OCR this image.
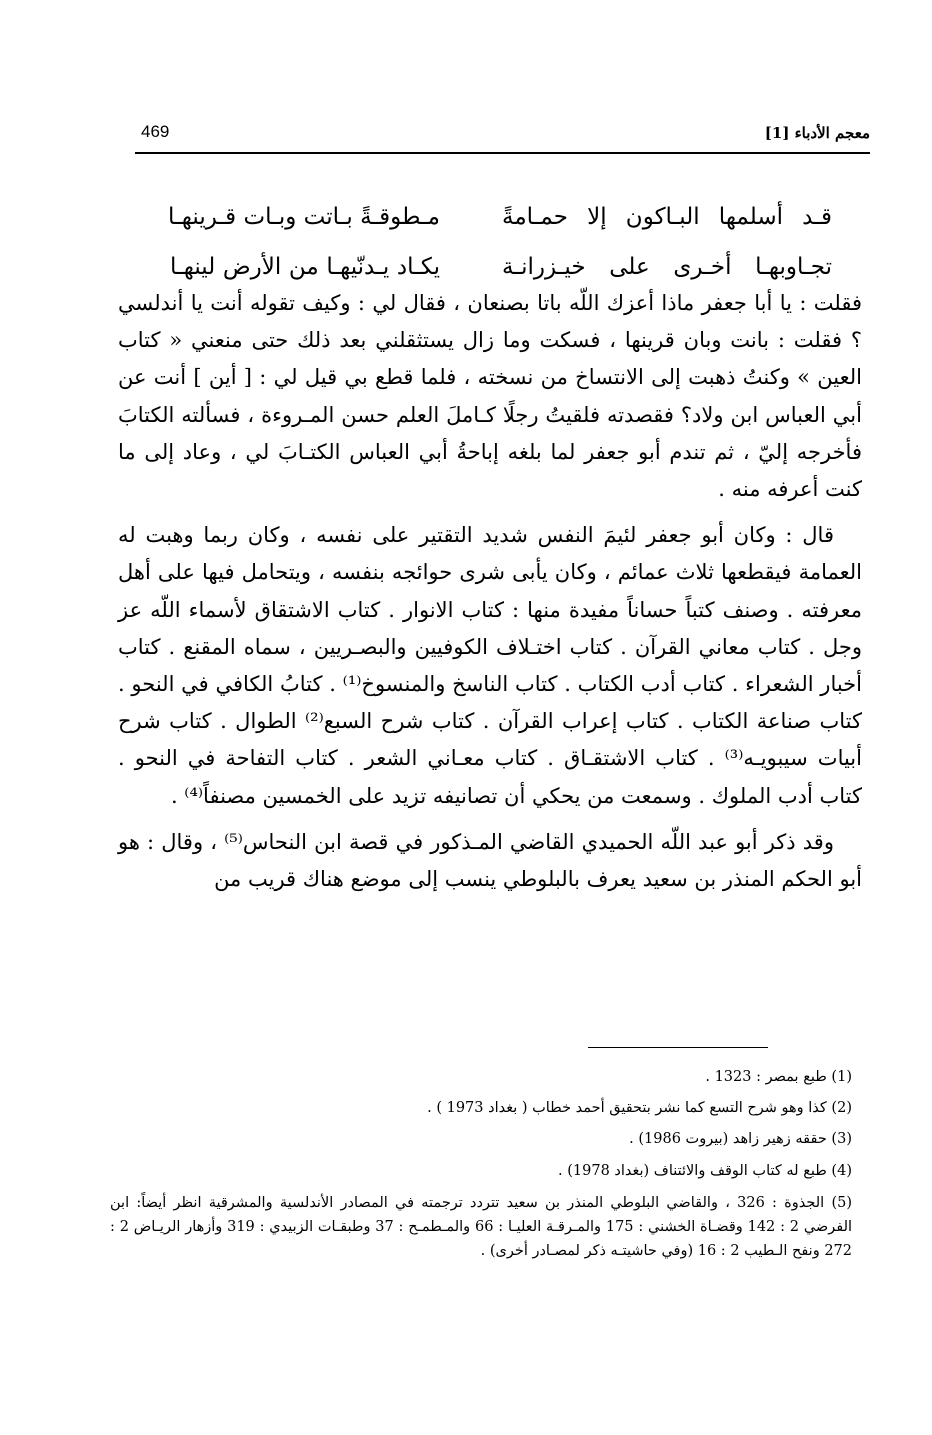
469	معجم الأدباء [1]
قـد أسلمها البـاكون إلا حمـامةً
مـطوقـةً بـاتت وبـات قـرينهـا
تجـاوبهـا أخـرى على خيـزرانـة
يكـاد يـدنّيهـا من الأرض لينهـا

فقلت : يا أبا جعفر ماذا أعزك اللّه باتا بصنعان ، فقال لي : وكيف تقوله أنت يا أندلسي ؟ فقلت : بانت وبان قرينها ، فسكت وما زال يستثقلني بعد ذلك حتى منعني « كتاب العين » وكنتُ ذهبت إلى الانتساخ من نسخته ، فلما قطع بي قيل لي : [ أين ] أنت عن أبي العباس ابن ولاد؟ فقصدته فلقيتُ رجلًا كـاملَ العلم حسن المـروءة ، فسألته الكتابَ فأخرجه إليّ ، ثم تندم أبو جعفر لما بلغه إباحةُ أبي العباس الكتـابَ لي ، وعاد إلى ما كنت أعرفه منه .

قال : وكان أبو جعفر لئيمَ النفس شديد التقتير على نفسه ، وكان ربما وهبت له العمامة فيقطعها ثلاث عمائم ، وكان يأبى شرى حوائجه بنفسه ، ويتحامل فيها على أهل معرفته . وصنف كتباً حساناً مفيدة منها : كتاب الانوار . كتاب الاشتقاق لأسماء اللّه عز وجل . كتاب معاني القرآن . كتاب اختـلاف الكوفيين والبصـريين ، سماه المقنع . كتاب أخبار الشعراء . كتاب أدب الكتاب . كتاب الناسخ والمنسوخ⁽¹⁾ . كتابُ الكافي في النحو . كتاب صناعة الكتاب . كتاب إعراب القرآن . كتاب شرح السبع⁽²⁾ الطوال . كتاب شرح أبيات سيبويـه⁽³⁾ . كتاب الاشتقـاق . كتاب معـاني الشعر . كتاب التفاحة في النحو . كتاب أدب الملوك . وسمعت من يحكي أن تصانيفه تزيد على الخمسين مصنفاً⁽⁴⁾ .

وقد ذكر أبو عبد اللّه الحميدي القاضي المـذكور في قصة ابن النحاس⁽⁵⁾ ، وقال : هو أبو الحكم المنذر بن سعيد يعرف بالبلوطي ينسب إلى موضع هناك قريب من

(1) طبع بمصر : 1323 .

(2) كذا وهو شرح التسع كما نشر بتحقيق أحمد خطاب ( بغداد 1973 ) .

(3) حققه زهير زاهد (بيروت 1986) .

(4) طبع له كتاب الوقف والائتناف (بغداد 1978) .

(5) الجذوة : 326 ، والقاضي البلوطي المنذر بن سعيد تتردد ترجمته في المصادر الأندلسية والمشرقية انظر أيضاً: ابن الفرضي 2 : 142 وقضـاة الخشني : 175 والمـرقـة العليـا : 66 والمـطمـح : 37 وطبقـات الزبيدي : 319 وأزهار الريـاض 2 : 272 ونفح الـطيب 2 : 16 (وفي حاشيتـه ذكر لمصـادر أخرى) .
